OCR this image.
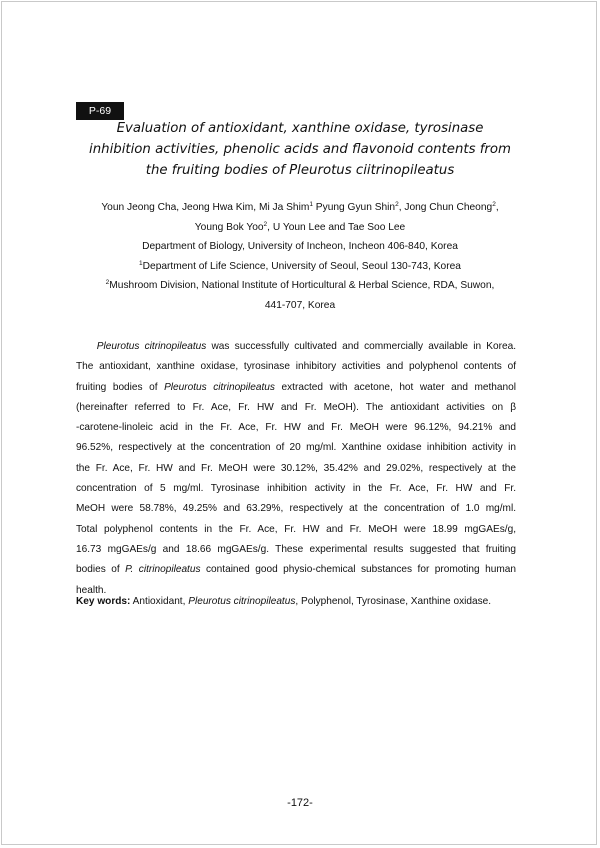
P-69
Evaluation of antioxidant, xanthine oxidase, tyrosinase
inhibition activities, phenolic acids and flavonoid contents from
the fruiting bodies of Pleurotus ciitrinopileatus
Youn Jeong Cha, Jeong Hwa Kim, Mi Ja Shim$^1$ Pyung Gyun Shin$^2$, Jong Chun Cheong$^2$,
Young Bok Yoo$^2$, U Youn Lee and Tae Soo Lee
Department of Biology, University of Incheon, Incheon 406-840, Korea
$^1$Department of Life Science, University of Seoul, Seoul 130-743, Korea
$^2$Mushroom Division, National Institute of Horticultural & Herbal Science, RDA, Suwon,
441-707, Korea
Pleurotus citrinopileatus was successfully cultivated and commercially available in Korea.
The antioxidant, xanthine oxidase, tyrosinase inhibitory activities and polyphenol contents of
fruiting bodies of Pleurotus citrinopileatus extracted with acetone, hot water and methanol
(hereinafter referred to Fr. Ace, Fr. HW and Fr. MeOH). The antioxidant activities on β
-carotene-linoleic acid in the Fr. Ace, Fr. HW and Fr. MeOH were 96.12%, 94.21% and
96.52%, respectively at the concentration of 20 mg/ml. Xanthine oxidase inhibition activity in
the Fr. Ace, Fr. HW and Fr. MeOH were 30.12%, 35.42% and 29.02%, respectively at the
concentration of 5 mg/ml. Tyrosinase inhibition activity in the Fr. Ace, Fr. HW and Fr.
MeOH were 58.78%, 49.25% and 63.29%, respectively at the concentration of 1.0 mg/ml.
Total polyphenol contents in the Fr. Ace, Fr. HW and Fr. MeOH were 18.99 mgGAEs/g,
16.73 mgGAEs/g and 18.66 mgGAEs/g. These experimental results suggested that fruiting
bodies of P. citrinopileatus contained good physio-chemical substances for promoting human
health.
Key words: Antioxidant, Pleurotus citrinopileatus, Polyphenol, Tyrosinase, Xanthine oxidase.
-172-
